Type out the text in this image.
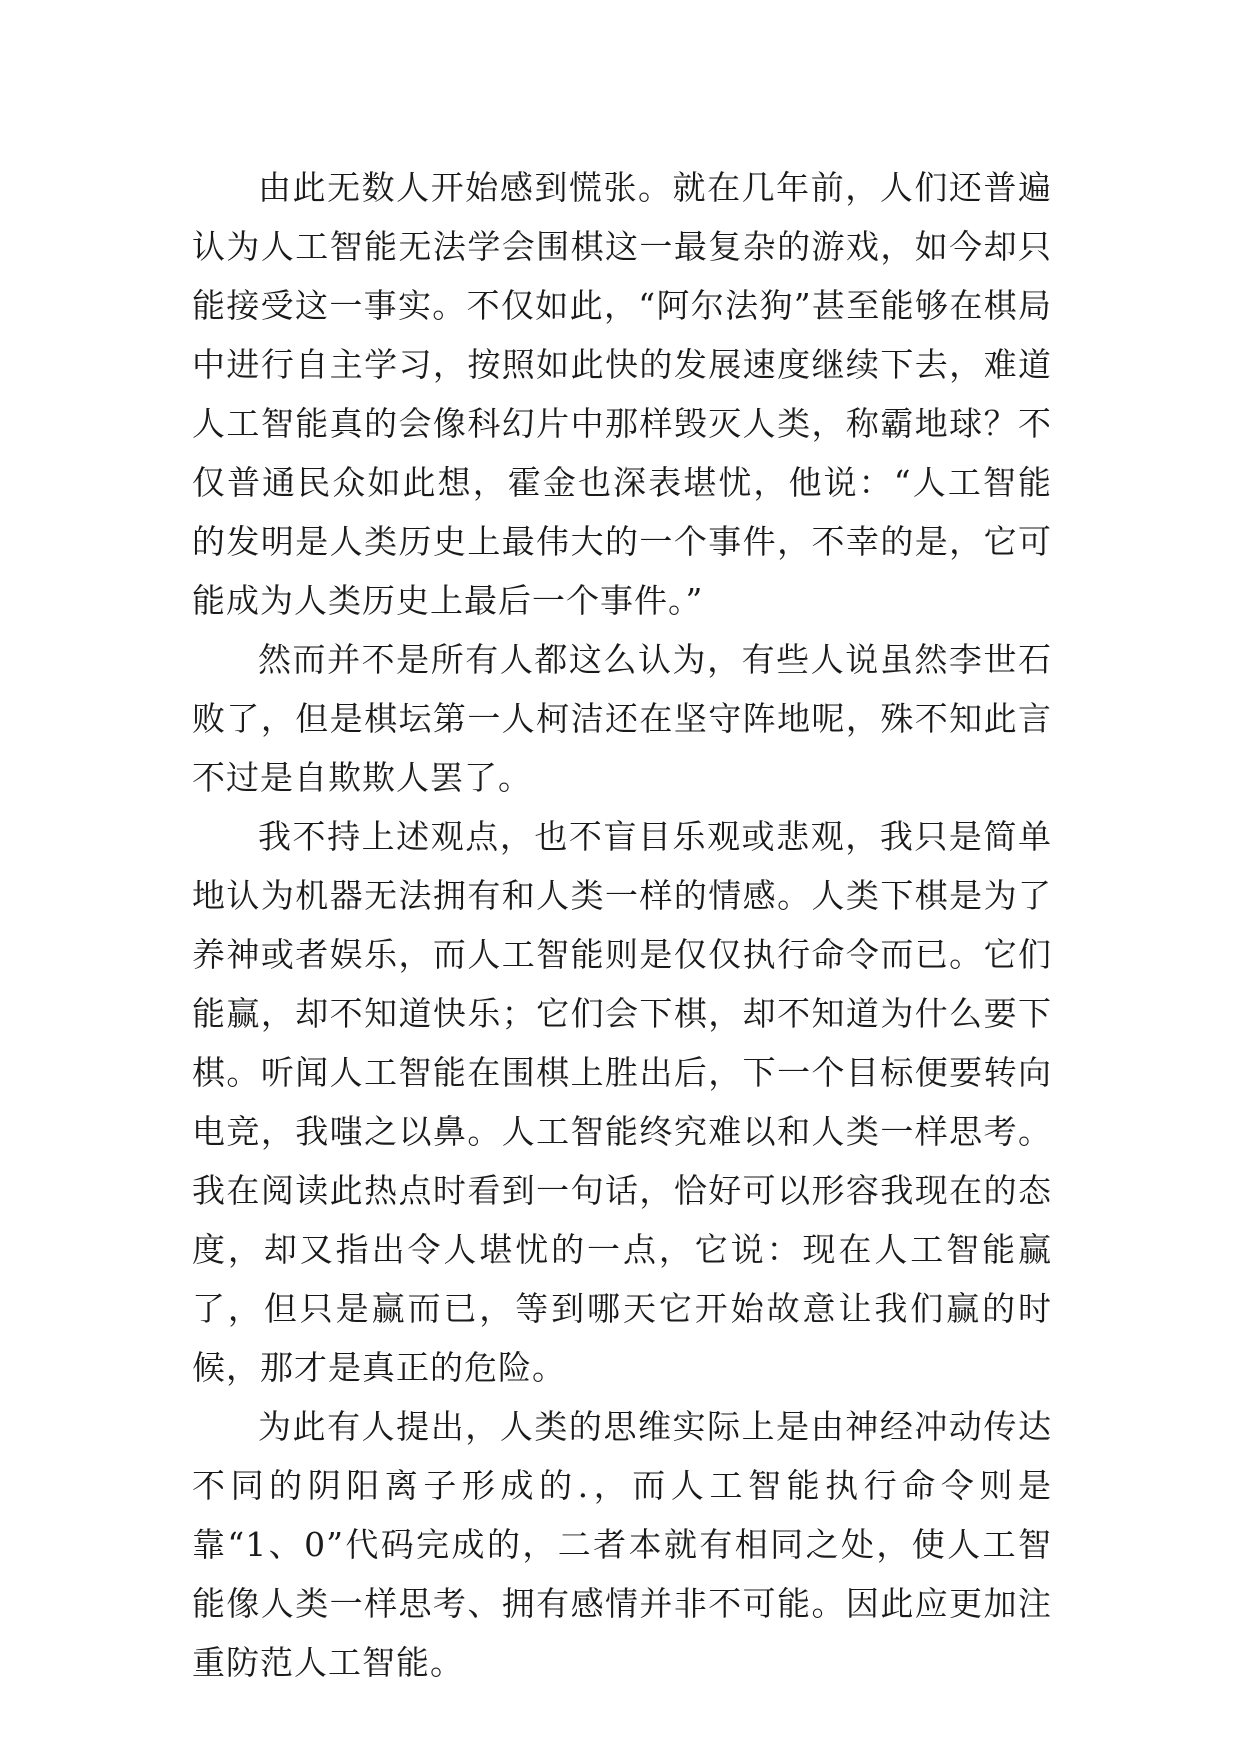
由此无数人开始感到慌张。就在几年前，人们还普遍认为人工智能无法学会围棋这一最复杂的游戏，如今却只能接受这一事实。不仅如此，“阿尔法狗”甚至能够在棋局中进行自主学习，按照如此快的发展速度继续下去，难道人工智能真的会像科幻片中那样毁灭人类，称霸地球？不仅普通民众如此想，霍金也深表堪忧，他说：“人工智能的发明是人类历史上最伟大的一个事件，不幸的是，它可能成为人类历史上最后一个事件。”

然而并不是所有人都这么认为，有些人说虽然李世石败了，但是棋坛第一人柯洁还在坚守阵地呢，殊不知此言不过是自欺欺人罢了。

我不持上述观点，也不盲目乐观或悲观，我只是简单地认为机器无法拥有和人类一样的情感。人类下棋是为了养神或者娱乐，而人工智能则是仅仅执行命令而已。它们能赢，却不知道快乐；它们会下棋，却不知道为什么要下棋。听闻人工智能在围棋上胜出后，下一个目标便要转向电竞，我嗤之以鼻。人工智能终究难以和人类一样思考。我在阅读此热点时看到一句话，恰好可以形容我现在的态度，却又指出令人堪忧的一点，它说：现在人工智能赢了，但只是赢而已，等到哪天它开始故意让我们赢的时候，那才是真正的危险。

为此有人提出，人类的思维实际上是由神经冲动传达不同的阴阳离子形成的.，而人工智能执行命令则是靠“1、0”代码完成的，二者本就有相同之处，使人工智能像人类一样思考、拥有感情并非不可能。因此应更加注重防范人工智能。
